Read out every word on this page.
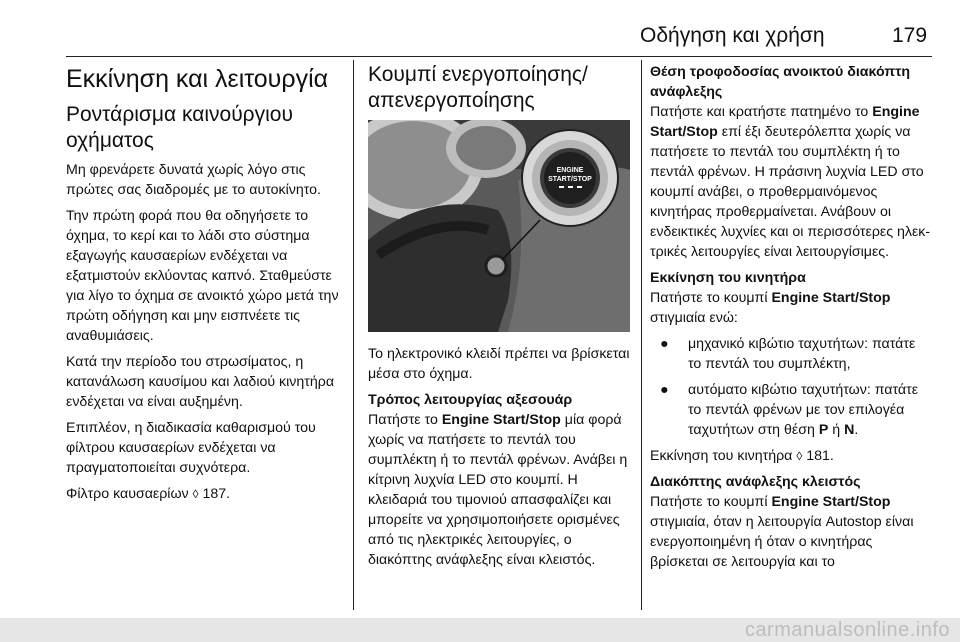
Οδήγηση και χρήση	179
Εκκίνηση και λειτουργία
Ροντάρισμα καινούργιου οχήματος

Μη φρενάρετε δυνατά χωρίς λόγο στις πρώτες σας διαδρομές με το αυτοκίνητο.

Την πρώτη φορά που θα οδηγήσετε το όχημα, το κερί και το λάδι στο σύστημα εξαγωγής καυσαερίων ενδέχεται να εξατμιστούν εκλύοντας καπνό. Σταθμεύστε για λίγο το όχημα σε ανοικτό χώρο μετά την πρώτη οδήγηση και μην εισπνέετε τις αναθυμιάσεις.

Κατά την περίοδο του στρωσίματος, η κατανάλωση καυσίμου και λαδιού κινητήρα ενδέχεται να είναι αυξημένη.

Επιπλέον, η διαδικασία καθαρισμού του φίλτρου καυσαερίων ενδέχεται να πραγματοποιείται συχνότερα.

Φίλτρο καυσαερίων ◊ 187.

Κουμπί ενεργοποίησης/ απενεργοποίησης
ENGINE
START/STOP

Το ηλεκτρονικό κλειδί πρέπει να βρίσκεται μέσα στο όχημα.

Τρόπος λειτουργίας αξεσουάρ

Πατήστε το Engine Start/Stop μία φορά χωρίς να πατήσετε το πεντάλ του συμπλέκτη ή το πεντάλ φρένων. Ανάβει η κίτρινη λυχνία LED στο κουμπί. Η κλειδαριά του τιμονιού απασφαλίζει και μπορείτε να χρησιμοποιήσετε ορισμένες από τις ηλεκτρικές λειτουργίες, ο διακόπτης ανάφλεξης είναι κλειστός.

Θέση τροφοδοσίας ανοικτού διακόπτη ανάφλεξης

Πατήστε και κρατήστε πατημένο το Engine Start/Stop επί έξι δευτερόλεπτα χωρίς να πατήσετε το πεντάλ του συμπλέκτη ή το πεντάλ φρένων. Η πράσινη λυχνία LED στο κουμπί ανάβει, ο προθερμαινόμενος κινητήρας προθερμαίνεται. Ανάβουν οι ενδεικτικές λυχνίες και οι περισσότερες ηλεκτρικές λειτουργίες είναι λειτουργίσιμες.

Εκκίνηση του κινητήρα

Πατήστε το κουμπί Engine Start/Stop στιγμιαία ενώ:

● μηχανικό κιβώτιο ταχυτήτων: πατάτε το πεντάλ του συμπλέκτη,
● αυτόματο κιβώτιο ταχυτήτων: πατάτε το πεντάλ φρένων με τον επιλογέα ταχυτήτων στη θέση P ή N.

Εκκίνηση του κινητήρα ◊ 181.

Διακόπτης ανάφλεξης κλειστός

Πατήστε το κουμπί Engine Start/Stop στιγμιαία, όταν η λειτουργία Autostop είναι ενεργοποιημένη ή όταν ο κινητήρας βρίσκεται σε λειτουργία και το

carmanualsonline.info
